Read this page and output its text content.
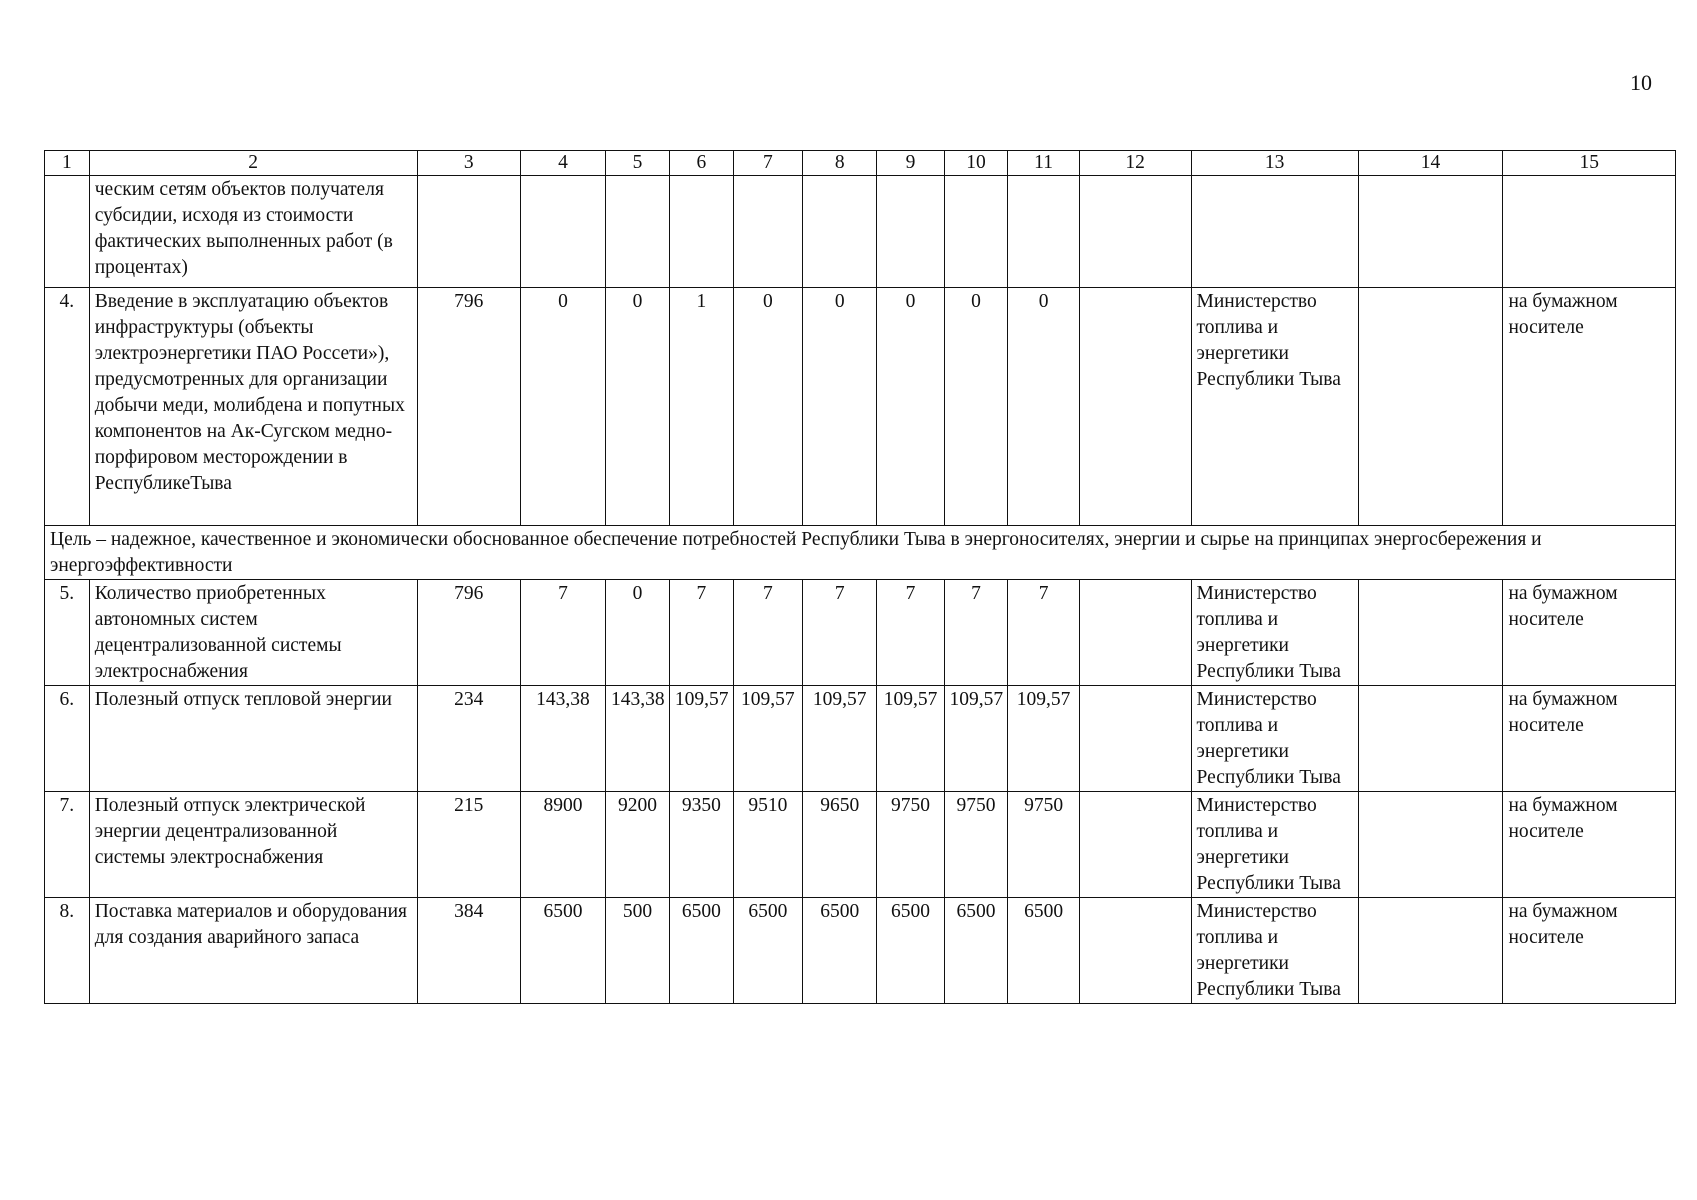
10
1	2	3	4	5	6	7	8	9	10	11	12	13	14	15
	ческим сетям объектов получателя субсидии, исходя из стоимости фактических выполненных работ (в процентах)													
4.	Введение в эксплуатацию объектов инфраструктуры (объекты электроэнергетики ПАО Россети»), предусмотренных для организации добычи меди, молибдена и попутных компонентов на Ак-Сугском медно-порфировом месторождении в РеспубликеТыва	796	0	0	1	0	0	0	0	0		Министерство топлива и энергетики Республики Тыва		на бумажном носителе
Цель – надежное, качественное и экономически обоснованное обеспечение потребностей Республики Тыва в энергоносителях, энергии и сырье на принципах энергосбережения и энергоэффективности														
5.	Количество приобретенных автономных систем децентрализованной системы электроснабжения	796	7	0	7	7	7	7	7	7		Министерство топлива и энергетики Республики Тыва		на бумажном носителе
6.	Полезный отпуск тепловой энергии	234	143,38	143,38	109,57	109,57	109,57	109,57	109,57	109,57		Министерство топлива и энергетики Республики Тыва		на бумажном носителе
7.	Полезный отпуск электрической энергии децентрализованной системы электроснабжения	215	8900	9200	9350	9510	9650	9750	9750	9750		Министерство топлива и энергетики Республики Тыва		на бумажном носителе
8.	Поставка материалов и оборудования для создания аварийного запаса	384	6500	500	6500	6500	6500	6500	6500	6500		Министерство топлива и энергетики Республики Тыва		на бумажном носителе
